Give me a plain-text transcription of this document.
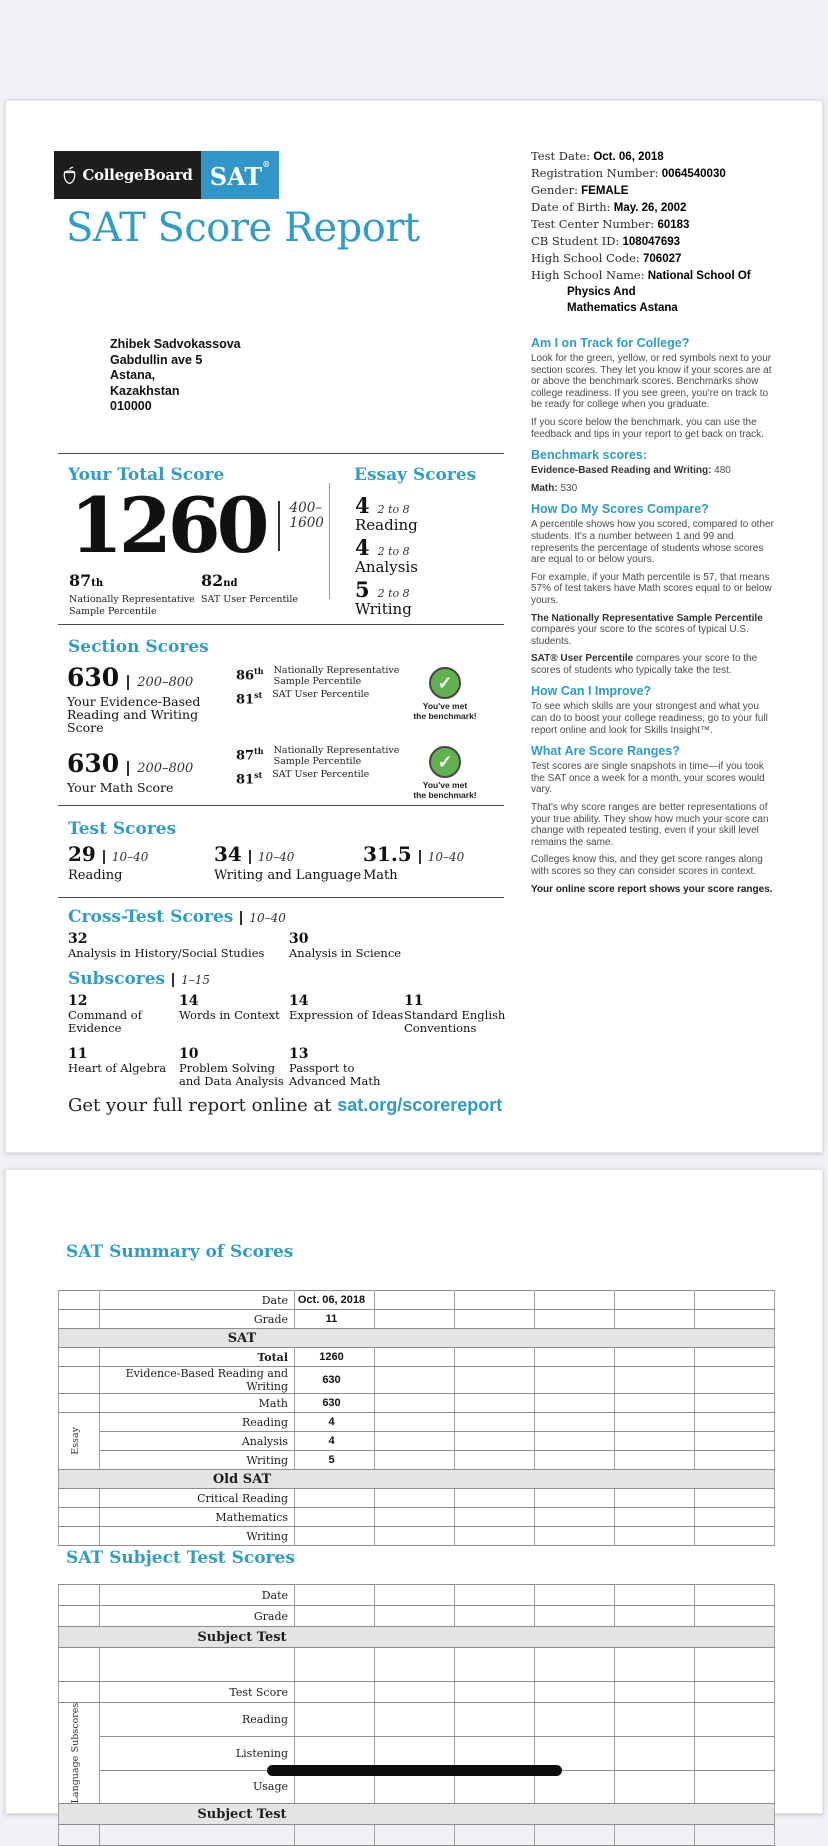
CollegeBoard SAT®
SAT Score Report
Test Date: Oct. 06, 2018
Registration Number: 0064540030
Gender: FEMALE
Date of Birth: May. 26, 2002
Test Center Number: 60183
CB Student ID: 108047693
High School Code: 706027
High School Name: National School Of
Physics And
Mathematics Astana
Zhibek Sadvokassova
Gabdullin ave 5
Astana,
Kazakhstan
010000
Your Total Score
1260	400–
1600
87th
Nationally Representative
Sample Percentile
82nd
SAT User Percentile
Essay Scores
4 2 to 8
Reading
4 2 to 8
Analysis
5 2 to 8
Writing
Section Scores
630 200–800
Your Evidence-Based
Reading and Writing
Score
86th Nationally Representative
Sample Percentile
81st SAT User Percentile
✓
You've met
the benchmark!
630 200–800
Your Math Score
87th Nationally Representative
Sample Percentile
81st SAT User Percentile
✓
You've met
the benchmark!
Test Scores
29 10–40
Reading
34 10–40
Writing and Language
31.5 10–40
Math
Cross-Test Scores 10–40
32
Analysis in History/Social Studies
30
Analysis in Science
Subscores 1–15
12
Command of
Evidence
14
Words in Context
14
Expression of Ideas
11
Standard English
Conventions
11
Heart of Algebra
10
Problem Solving
and Data Analysis
13
Passport to
Advanced Math
Get your full report online at sat.org/scorereport
Am I on Track for College?

Look for the green, yellow, or red symbols next to your section scores. They let you know if your scores are at or above the benchmark scores. Benchmarks show college readiness. If you see green, you're on track to be ready for college when you graduate.

If you score below the benchmark, you can use the feedback and tips in your report to get back on track.

Benchmark scores:

Evidence-Based Reading and Writing: 480

Math: 530

How Do My Scores Compare?

A percentile shows how you scored, compared to other students. It's a number between 1 and 99 and represents the percentage of students whose scores are equal to or below yours.

For example, if your Math percentile is 57, that means 57% of test takers have Math scores equal to or below yours.

The Nationally Representative Sample Percentile compares your score to the scores of typical U.S. students.

SAT® User Percentile compares your score to the scores of students who typically take the test.

How Can I Improve?

To see which skills are your strongest and what you can do to boost your college readiness, go to your full report online and look for Skills Insight™.

What Are Score Ranges?

Test scores are single snapshots in time—if you took the SAT once a week for a month, your scores would vary.

That's why score ranges are better representations of your true ability. They show how much your score can change with repeated testing, even if your skill level remains the same.

Colleges know this, and they get score ranges along with scores so they can consider scores in context.

Your online score report shows your score ranges.

SAT Summary of Scores
	Date	Oct. 06, 2018					
	Grade	11					

SAT							

	Total	1260					
	Evidence-Based Reading and Writing	630					
	Math	630					

Essay	Reading	4					
	Analysis	4					
	Writing	5					

Old SAT							

	Critical Reading						
	Mathematics						
	Writing						
SAT Subject Test Scores
	Date						
	Grade						

Subject Test							

	Test Score						

Language

Subscores	Reading						
	Listening						
	Usage						

Subject Test							
